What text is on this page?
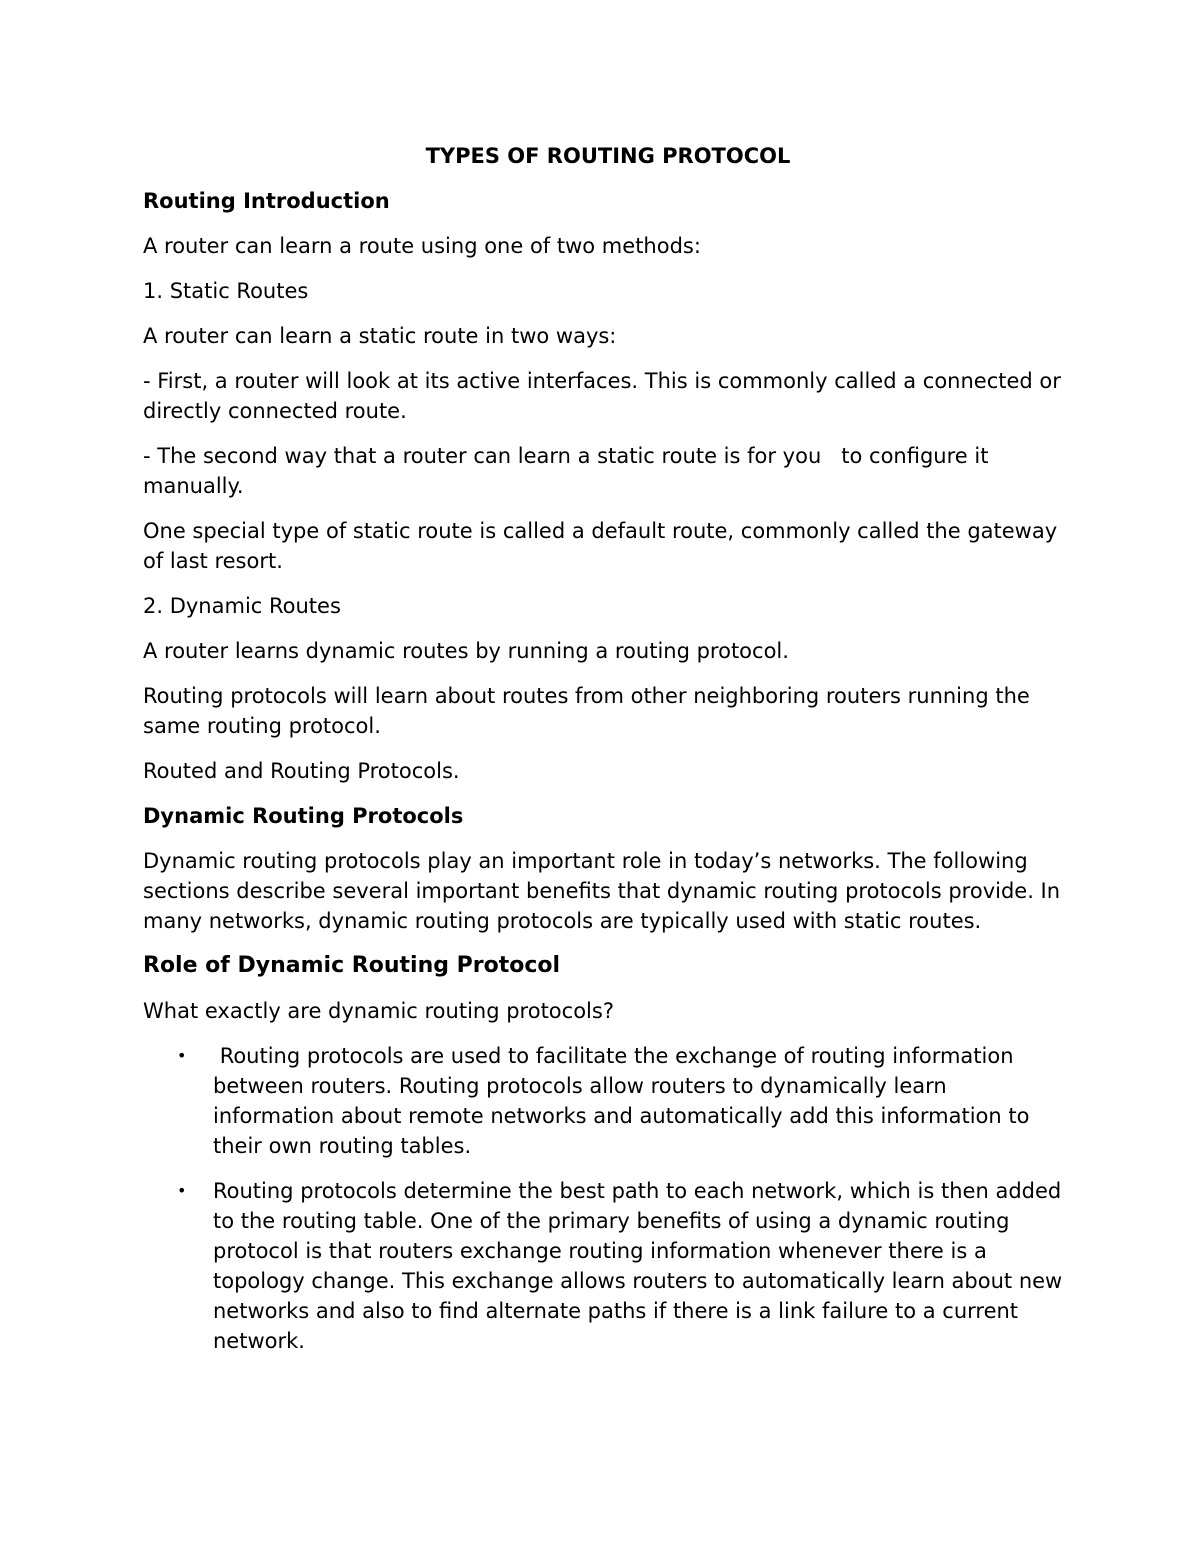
TYPES OF ROUTING PROTOCOL
Routing Introduction

A router can learn a route using one of two methods:

1. Static Routes

A router can learn a static route in two ways:

- First, a router will look at its active interfaces. This is commonly called a connected or directly connected route.

- The second way that a router can learn a static route is for you   to configure it manually.

One special type of static route is called a default route, commonly called the gateway of last resort.

2. Dynamic Routes

A router learns dynamic routes by running a routing protocol.

Routing protocols will learn about routes from other neighboring routers running the same routing protocol.

Routed and Routing Protocols.

Dynamic Routing Protocols

Dynamic routing protocols play an important role in today’s networks. The following sections describe several important benefits that dynamic routing protocols provide. In many networks, dynamic routing protocols are typically used with static routes.

Role of Dynamic Routing Protocol

What exactly are dynamic routing protocols?

• Routing protocols are used to facilitate the exchange of routing information between routers. Routing protocols allow routers to dynamically learn information about remote networks and automatically add this information to their own routing tables.
• Routing protocols determine the best path to each network, which is then added to the routing table. One of the primary benefits of using a dynamic routing protocol is that routers exchange routing information whenever there is a topology change. This exchange allows routers to automatically learn about new networks and also to find alternate paths if there is a link failure to a current network.
